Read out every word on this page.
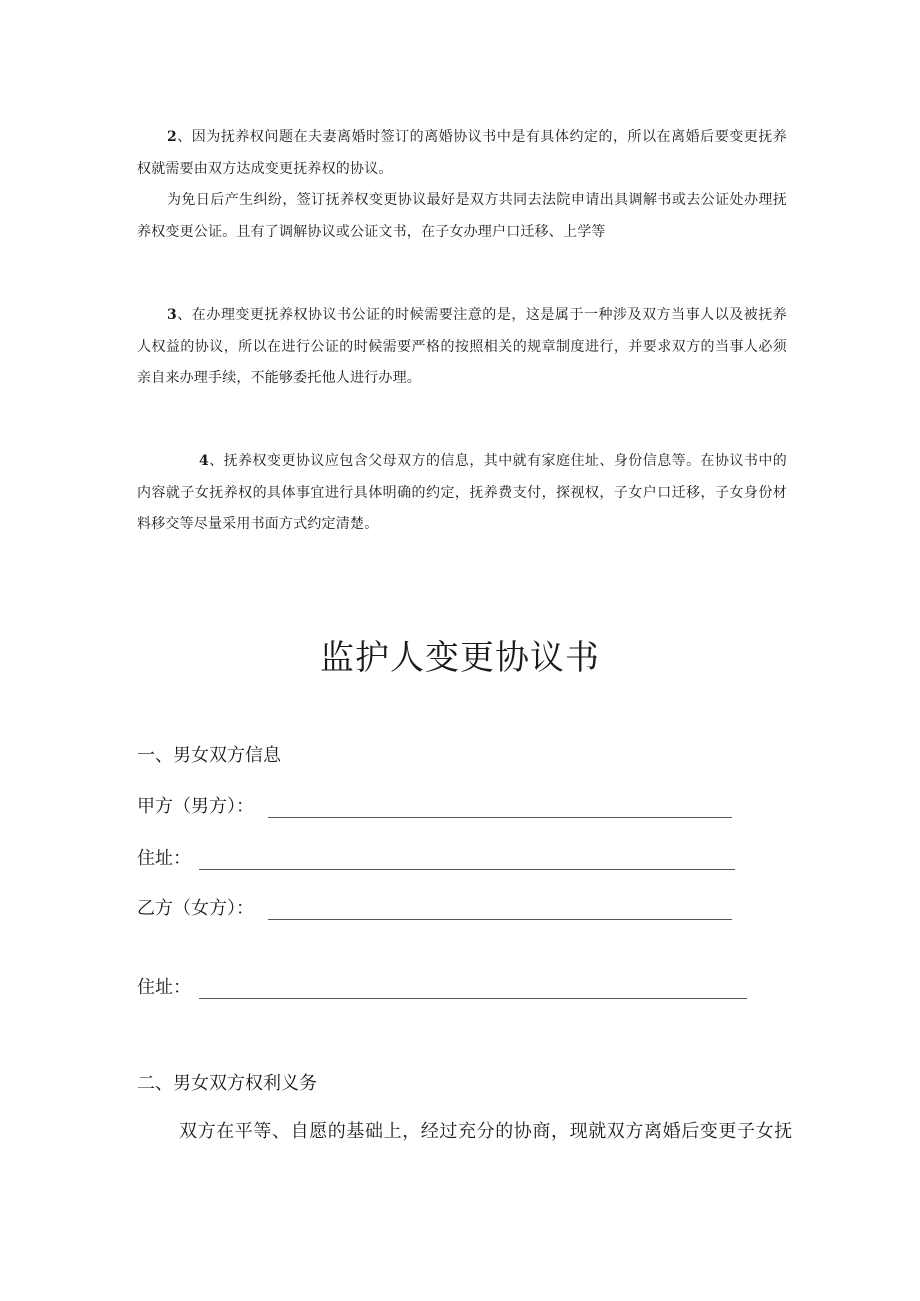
2、因为抚养权问题在夫妻离婚时签订的离婚协议书中是有具体约定的，所以在离婚后要变更抚养权就需要由双方达成变更抚养权的协议。

为免日后产生纠纷，签订抚养权变更协议最好是双方共同去法院申请出具调解书或去公证处办理抚养权变更公证。且有了调解协议或公证文书，在子女办理户口迁移、上学等

3、在办理变更抚养权协议书公证的时候需要注意的是，这是属于一种涉及双方当事人以及被抚养人权益的协议，所以在进行公证的时候需要严格的按照相关的规章制度进行，并要求双方的当事人必须亲自来办理手续，不能够委托他人进行办理。

4、抚养权变更协议应包含父母双方的信息，其中就有家庭住址、身份信息等。在协议书中的内容就子女抚养权的具体事宜进行具体明确的约定，抚养费支付，探视权，子女户口迁移，子女身份材料移交等尽量采用书面方式约定清楚。

监护人变更协议书
一、男女双方信息
甲方（男方）：
住址：
乙方（女方）：
住址：
二、男女双方权利义务

双方在平等、自愿的基础上，经过充分的协商，现就双方离婚后变更子女抚
